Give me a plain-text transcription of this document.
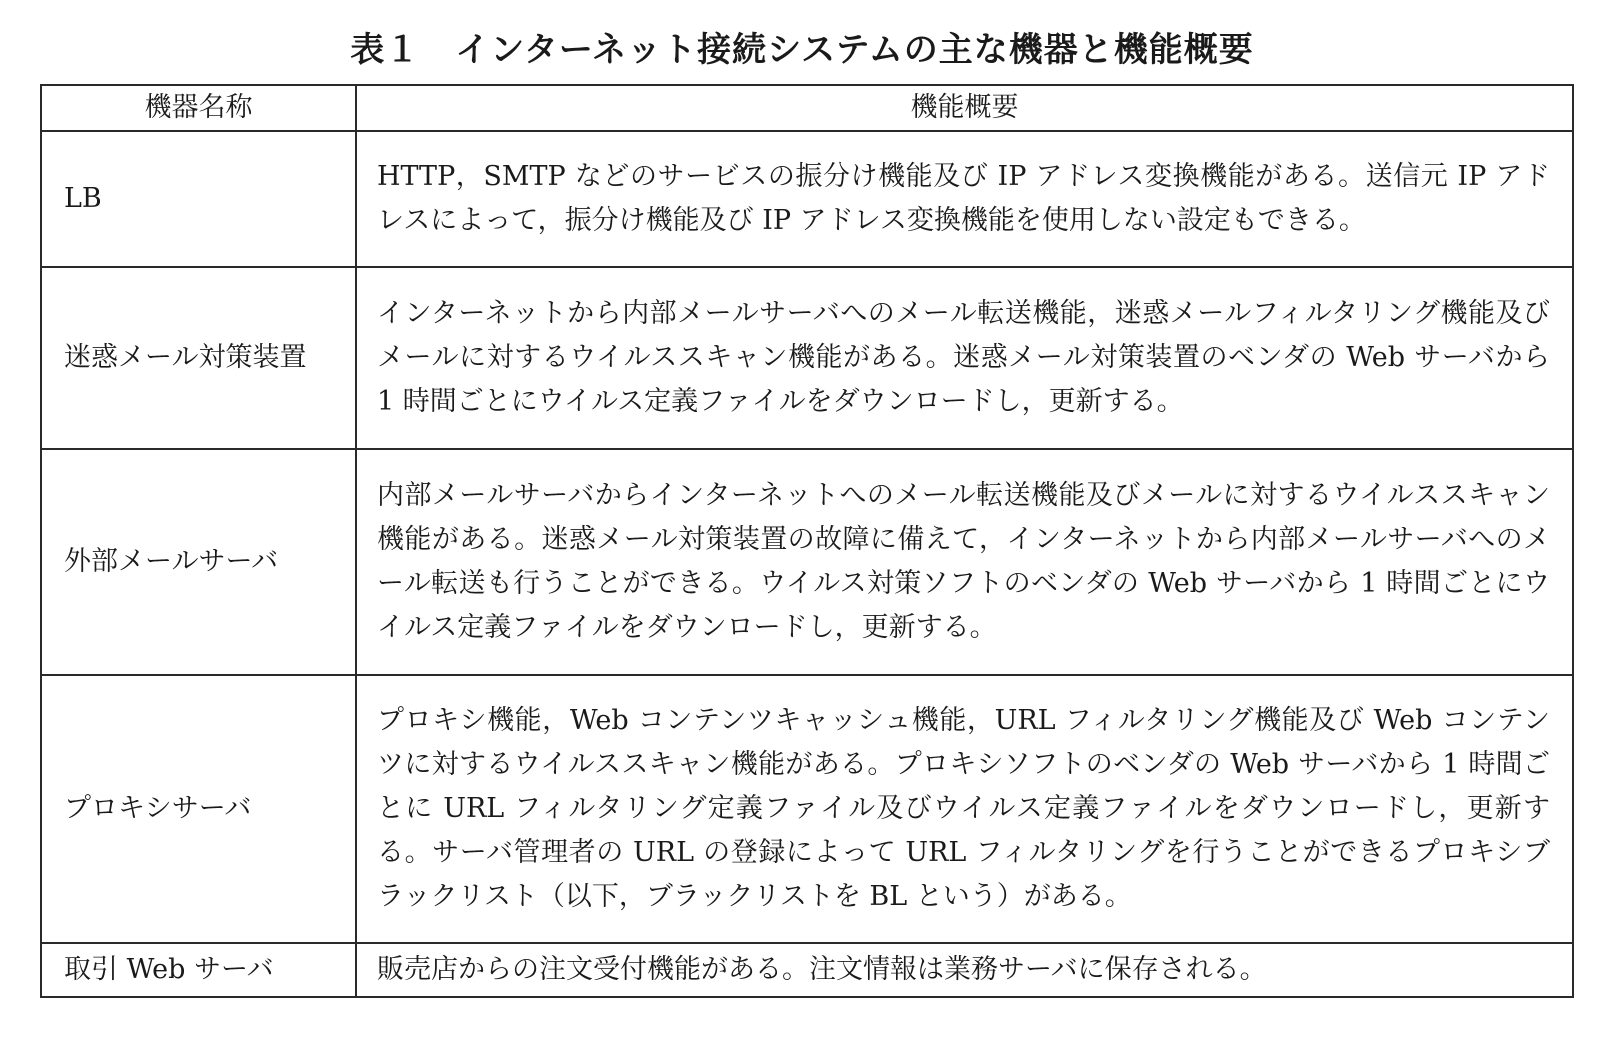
表１　インターネット接続システムの主な機器と機能概要
機器名称	機能概要
LB	HTTP，SMTP などのサービスの振分け機能及び IP アドレス変換機能がある。送信元 IP アドレスによって，振分け機能及び IP アドレス変換機能を使用しない設定もできる。
迷惑メール対策装置	インターネットから内部メールサーバへのメール転送機能，迷惑メールフィルタリング機能及びメールに対するウイルススキャン機能がある。迷惑メール対策装置のベンダの Web サーバから 1 時間ごとにウイルス定義ファイルをダウンロードし，更新する。
外部メールサーバ	内部メールサーバからインターネットへのメール転送機能及びメールに対するウイルススキャン機能がある。迷惑メール対策装置の故障に備えて，インターネットから内部メールサーバへのメール転送も行うことができる。ウイルス対策ソフトのベンダの Web サーバから 1 時間ごとにウイルス定義ファイルをダウンロードし，更新する。
プロキシサーバ	プロキシ機能，Web コンテンツキャッシュ機能，URL フィルタリング機能及び Web コンテンツに対するウイルススキャン機能がある。プロキシソフトのベンダの Web サーバから 1 時間ごとに URL フィルタリング定義ファイル及びウイルス定義ファイルをダウンロードし，更新する。サーバ管理者の URL の登録によって URL フィルタリングを行うことができるプロキシブラックリスト（以下，ブラックリストを BL という）がある。
取引 Web サーバ	販売店からの注文受付機能がある。注文情報は業務サーバに保存される。
